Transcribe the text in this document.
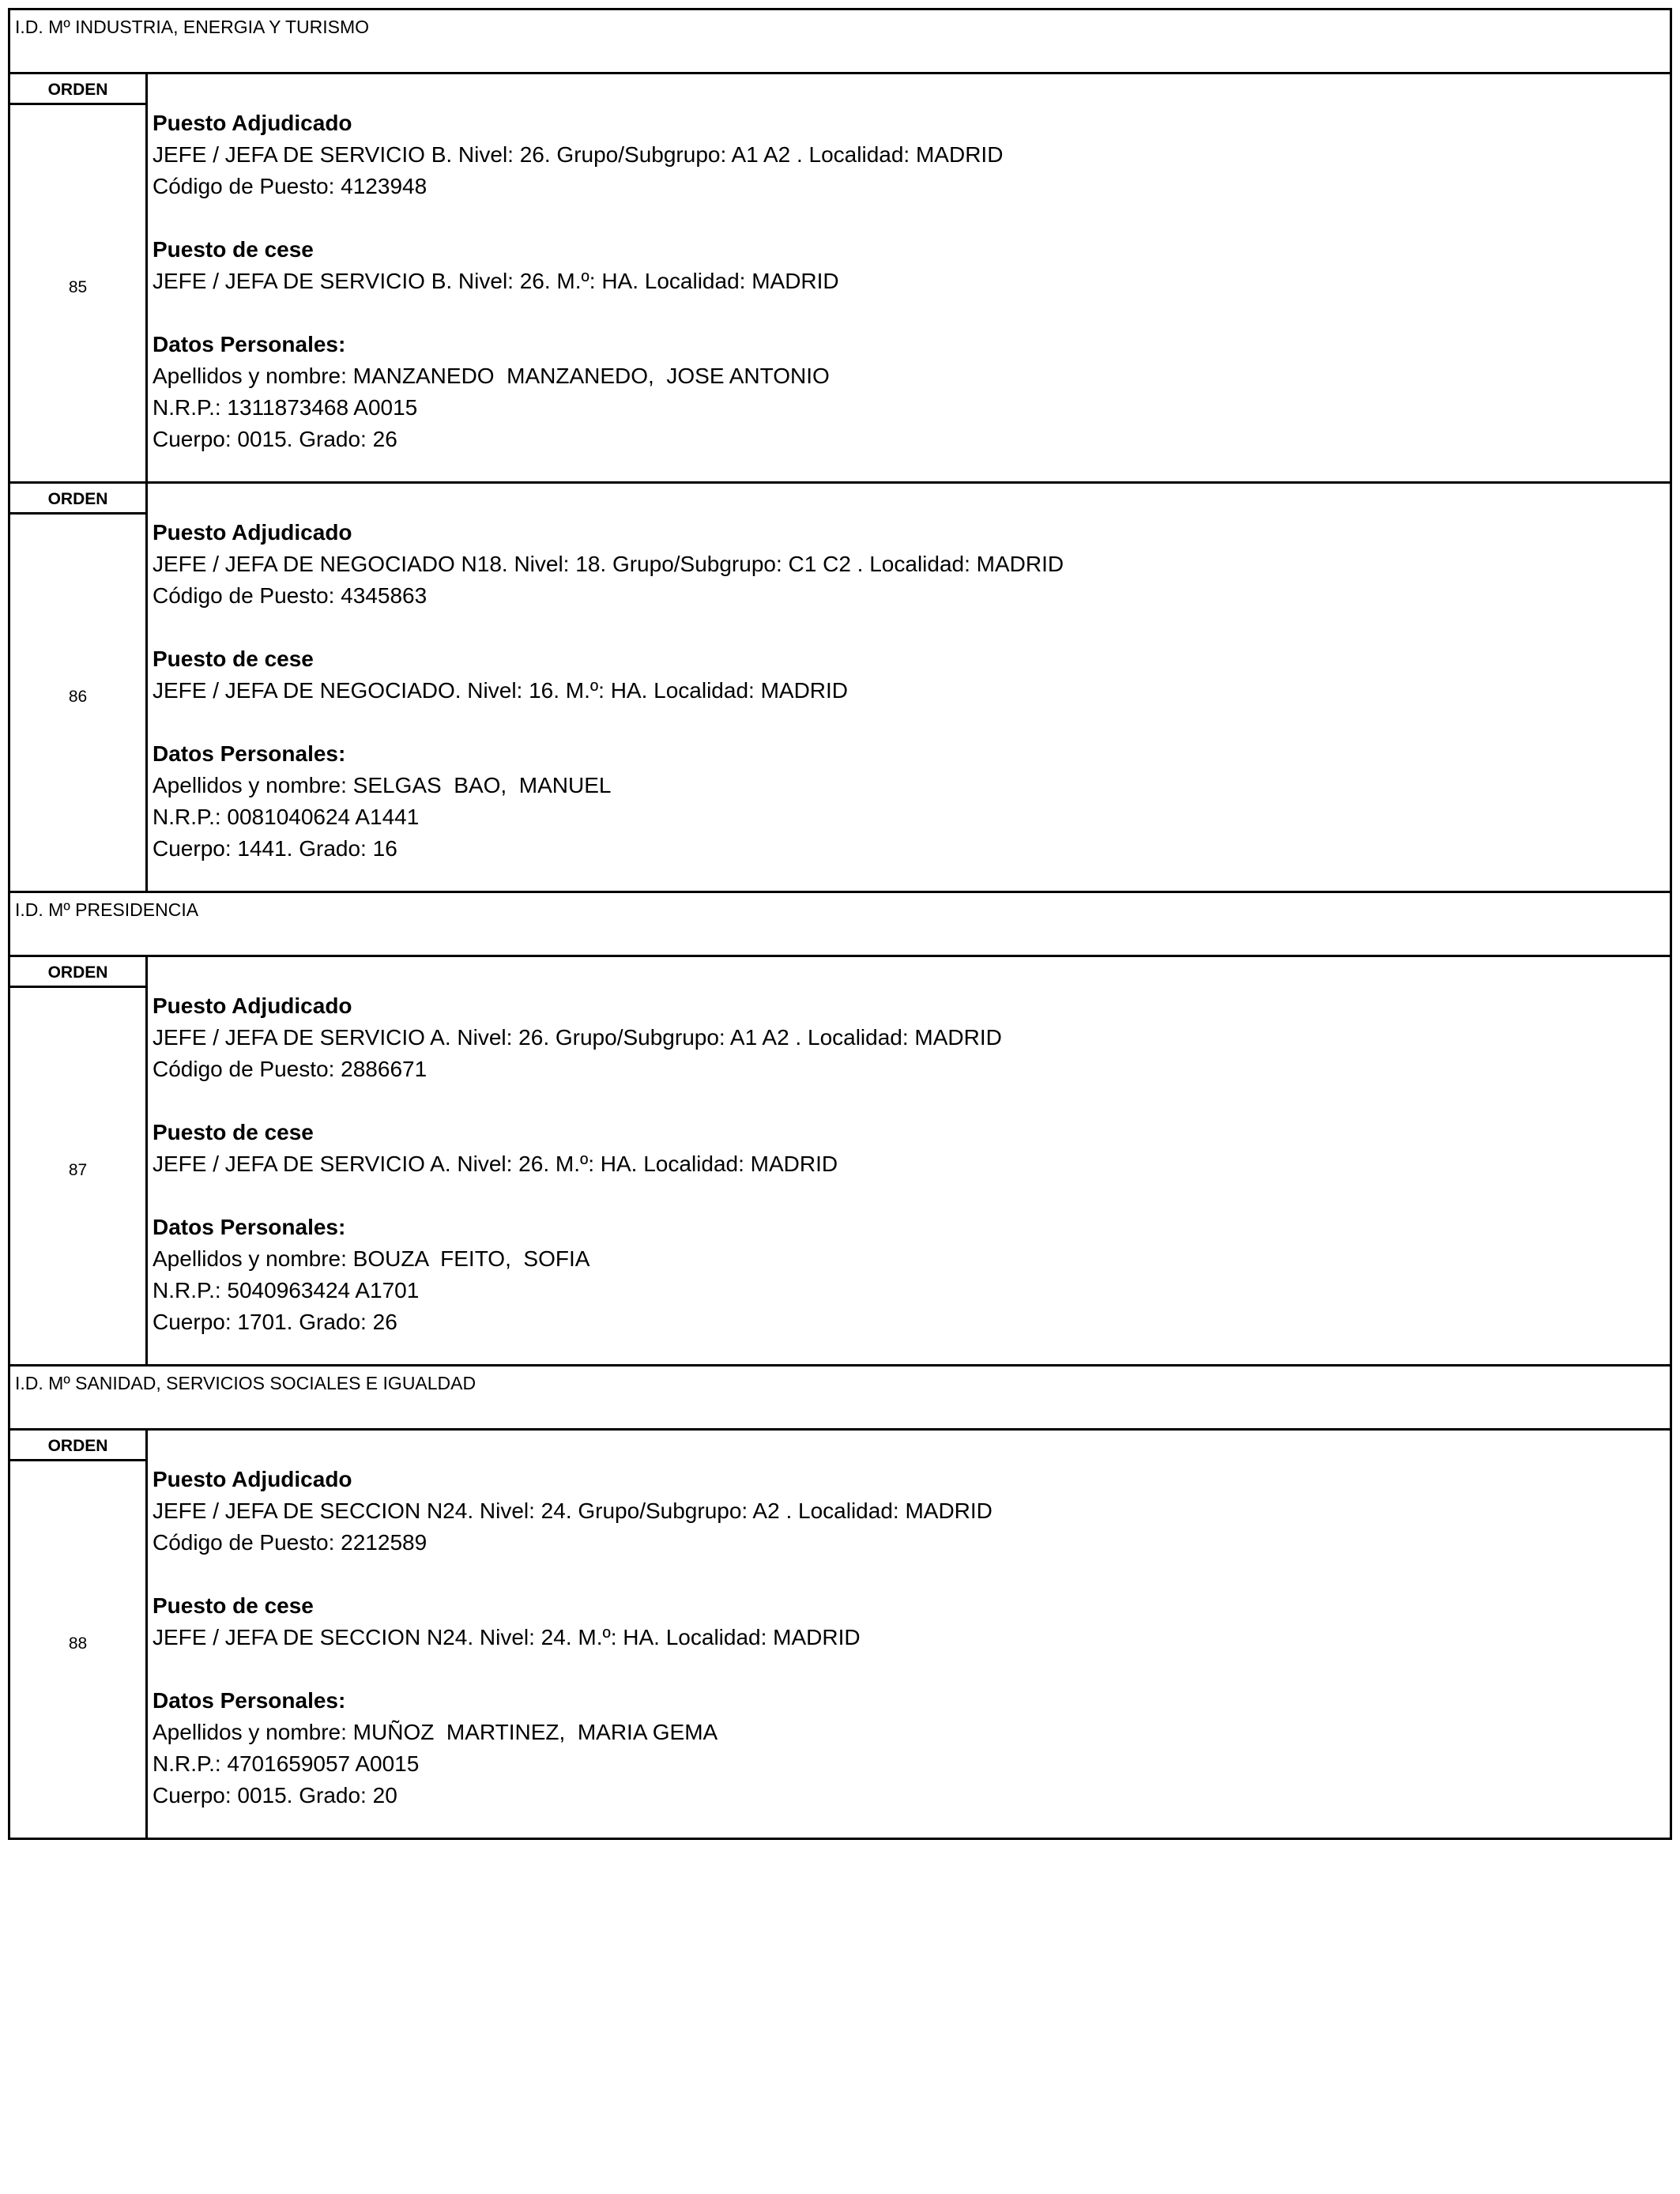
I.D. Mº INDUSTRIA, ENERGIA Y TURISMO
ORDEN
85
Puesto Adjudicado
JEFE / JEFA DE SERVICIO B. Nivel: 26. Grupo/Subgrupo: A1 A2 . Localidad: MADRID
Código de Puesto: 4123948
Puesto de cese
JEFE / JEFA DE SERVICIO B. Nivel: 26. M.º: HA. Localidad: MADRID
Datos Personales:
Apellidos y nombre: MANZANEDO  MANZANEDO,  JOSE ANTONIO
N.R.P.: 1311873468 A0015
Cuerpo: 0015. Grado: 26
ORDEN
86
Puesto Adjudicado
JEFE / JEFA DE NEGOCIADO N18. Nivel: 18. Grupo/Subgrupo: C1 C2 . Localidad: MADRID
Código de Puesto: 4345863
Puesto de cese
JEFE / JEFA DE NEGOCIADO. Nivel: 16. M.º: HA. Localidad: MADRID
Datos Personales:
Apellidos y nombre: SELGAS  BAO,  MANUEL
N.R.P.: 0081040624 A1441
Cuerpo: 1441. Grado: 16
I.D. Mº PRESIDENCIA
ORDEN
87
Puesto Adjudicado
JEFE / JEFA DE SERVICIO A. Nivel: 26. Grupo/Subgrupo: A1 A2 . Localidad: MADRID
Código de Puesto: 2886671
Puesto de cese
JEFE / JEFA DE SERVICIO A. Nivel: 26. M.º: HA. Localidad: MADRID
Datos Personales:
Apellidos y nombre: BOUZA  FEITO,  SOFIA
N.R.P.: 5040963424 A1701
Cuerpo: 1701. Grado: 26
I.D. Mº SANIDAD, SERVICIOS SOCIALES E IGUALDAD
ORDEN
88
Puesto Adjudicado
JEFE / JEFA DE SECCION N24. Nivel: 24. Grupo/Subgrupo: A2 . Localidad: MADRID
Código de Puesto: 2212589
Puesto de cese
JEFE / JEFA DE SECCION N24. Nivel: 24. M.º: HA. Localidad: MADRID
Datos Personales:
Apellidos y nombre: MUÑOZ  MARTINEZ,  MARIA GEMA
N.R.P.: 4701659057 A0015
Cuerpo: 0015. Grado: 20
